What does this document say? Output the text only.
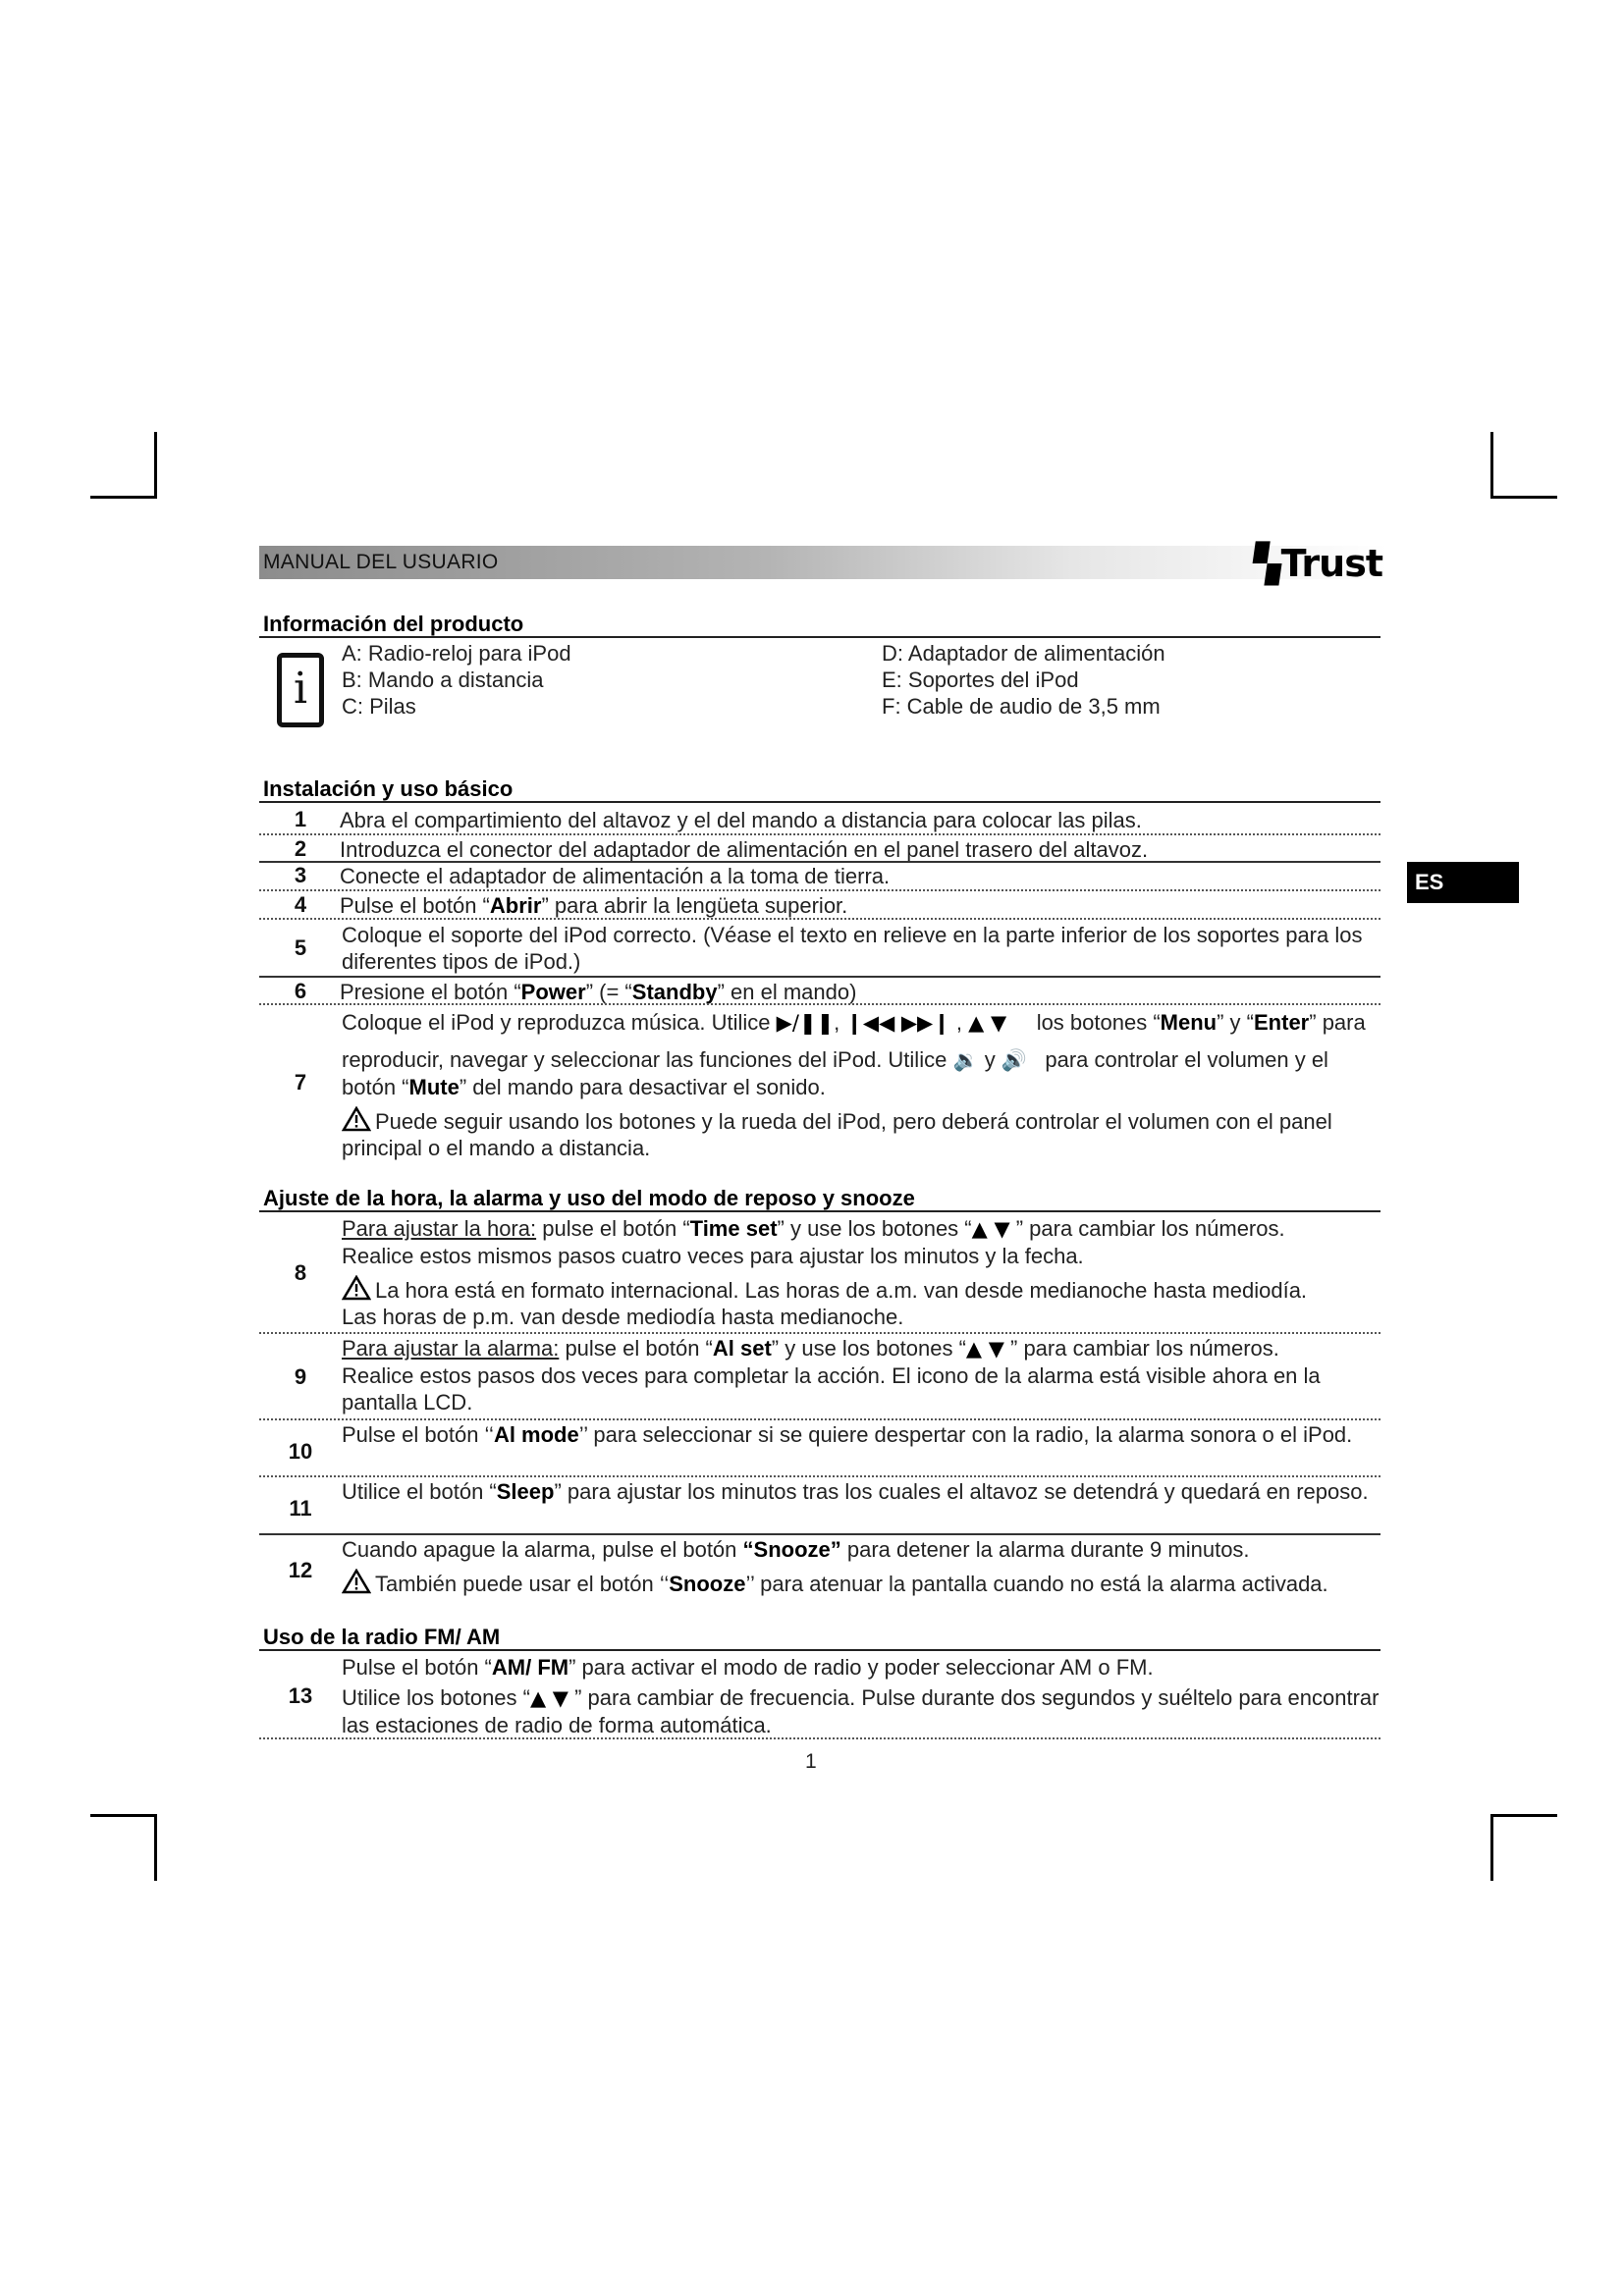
MANUAL DEL USUARIO	▚Trust
ES
Información del producto
i
A: Radio-reloj para iPod
B: Mando a distancia
C: Pilas
D: Adaptador de alimentación
E: Soportes del iPod
F: Cable de audio de 3,5 mm
Instalación y uso básico
1	Abra el compartimiento del altavoz y el del mando a distancia para colocar las pilas.
2	Introduzca el conector del adaptador de alimentación en el panel trasero del altavoz.
3	Conecte el adaptador de alimentación a la toma de tierra.
4	Pulse el botón “Abrir” para abrir la lengüeta superior.
5
Coloque el soporte del iPod correcto. (Véase el texto en relieve en la parte inferior de los soportes para los diferentes tipos de iPod.)
6	Presione el botón “Power” (= “Standby” en el mando)
7
Coloque el iPod y reproduzca música. Utilice ▶/❚❚, ❙◀◀ ▶▶❙ , ▲ ▼ los botones “Menu” y “Enter” para
reproducir, navegar y seleccionar las funciones del iPod. Utilice 🔉 y 🔊 para controlar el volumen y el
botón “Mute” del mando para desactivar el sonido.
Puede seguir usando los botones y la rueda del iPod, pero deberá controlar el volumen con el panel principal o el mando a distancia.
Ajuste de la hora, la alarma y uso del modo de reposo y snooze
8
Para ajustar la hora: pulse el botón “Time set” y use los botones “▲ ▼ ” para cambiar los números.
Realice estos mismos pasos cuatro veces para ajustar los minutos y la fecha.
La hora está en formato internacional. Las horas de a.m. van desde medianoche hasta mediodía.
Las horas de p.m. van desde mediodía hasta medianoche.
9
Para ajustar la alarma: pulse el botón “Al set” y use los botones “▲ ▼ ” para cambiar los números.
Realice estos pasos dos veces para completar la acción. El icono de la alarma está visible ahora en la pantalla LCD.
10
Pulse el botón ‘‘Al mode’’ para seleccionar si se quiere despertar con la radio, la alarma sonora o el iPod.
11
Utilice el botón “Sleep” para ajustar los minutos tras los cuales el altavoz se detendrá y quedará en reposo.
12
Cuando apague la alarma, pulse el botón “Snooze” para detener la alarma durante 9 minutos.
También puede usar el botón ‘‘Snooze’’ para atenuar la pantalla cuando no está la alarma activada.
Uso de la radio FM/ AM
13
Pulse el botón “AM/ FM” para activar el modo de radio y poder seleccionar AM o FM.
Utilice los botones “▲ ▼ ” para cambiar de frecuencia. Pulse durante dos segundos y suéltelo para encontrar las estaciones de radio de forma automática.
1
